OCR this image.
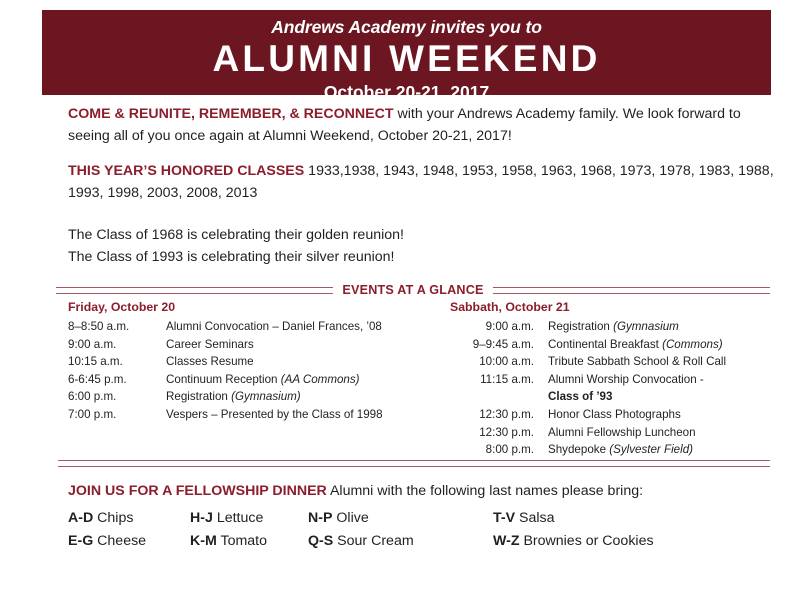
Andrews Academy invites you to
ALUMNI WEEKEND
October 20-21, 2017
COME & REUNITE, REMEMBER, & RECONNECT with your Andrews Academy family. We look forward to seeing all of you once again at Alumni Weekend, October 20-21, 2017!
THIS YEAR’S HONORED CLASSES 1933,1938, 1943, 1948, 1953, 1958, 1963, 1968, 1973, 1978, 1983, 1988, 1993, 1998, 2003, 2008, 2013
The Class of 1968 is celebrating their golden reunion!
The Class of 1993 is celebrating their silver reunion!
EVENTS AT A GLANCE
Friday, October 20
8–8:50 a.m.	Alumni Convocation – Daniel Frances, ’08
9:00 a.m.	Career Seminars
10:15 a.m.	Classes Resume
6-6:45 p.m.	Continuum Reception (AA Commons)
6:00 p.m.	Registration (Gymnasium)
7:00 p.m.	Vespers – Presented by the Class of 1998
Sabbath, October 21
9:00 a.m.	Registration (Gymnasium
9–9:45 a.m.	Continental Breakfast (Commons)
10:00 a.m.	Tribute Sabbath School & Roll Call
11:15 a.m.	Alumni Worship Convocation -
	Class of ’93
12:30 p.m.	Honor Class Photographs
12:30 p.m.	Alumni Fellowship Luncheon
8:00 p.m.	Shydepoke (Sylvester Field)
JOIN US FOR A FELLOWSHIP DINNER Alumni with the following last names please bring:
A-D Chips	H-J Lettuce	N-P Olive	T-V Salsa
E-G Cheese	K-M Tomato	Q-S Sour Cream	W-Z Brownies or Cookies
